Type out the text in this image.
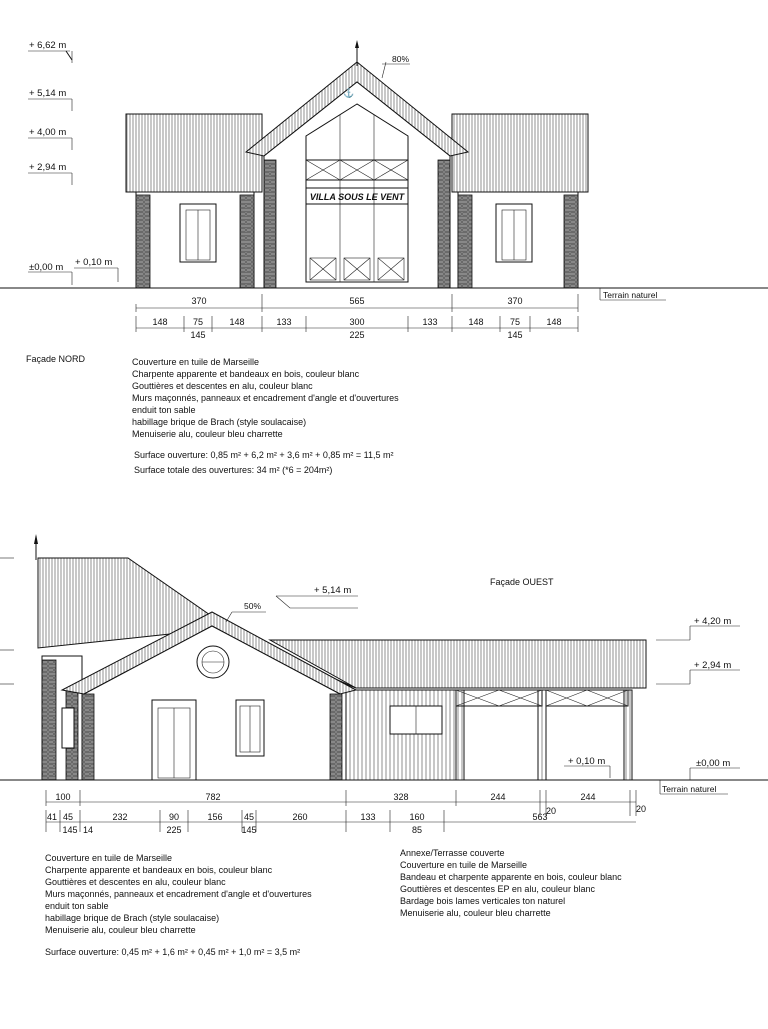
+ 6,62 m
+ 5,14 m
+ 4,00 m
+ 2,94 m
±0,00 m + 0,10 m
⚓
80%
VILLA SOUS LE VENT
Terrain naturel
370	565	370
148	75	148	133	300	133	148	75	148
145	225	145
Façade NORD	Couverture en tuile de Marseille
Charpente apparente et bandeaux en bois, couleur blanc
Gouttières et descentes en alu, couleur blanc
Murs maçonnés, panneaux et encadrement d'angle et d'ouvertures
enduit ton sable
habillage brique de Brach (style soulacaise)
Menuiserie alu, couleur bleu charrette
Surface ouverture: 0,85 m² + 6,2 m² + 3,6 m² + 0,85 m² = 11,5 m²
Surface totale des ouvertures: 34 m² (*6 = 204m²)
Façade OUEST
50%
+ 5,14 m
+ 4,20 m
+ 2,94 m
+ 0,10 m	±0,00 m
Terrain naturel
100	782	328	244	244
20	20
41 45	232	90	156 45	260	133	160	563
145 14	225	145	85
Couverture en tuile de Marseille
Charpente apparente et bandeaux en bois, couleur blanc
Gouttières et descentes en alu, couleur blanc
Murs maçonnés, panneaux et encadrement d'angle et d'ouvertures
enduit ton sable
habillage brique de Brach (style soulacaise)
Menuiserie alu, couleur bleu charrette
Surface ouverture: 0,45 m² + 1,6 m² + 0,45 m² + 1,0 m² = 3,5 m²
Annexe/Terrasse couverte
Couverture en tuile de Marseille
Bandeau et charpente apparente en bois, couleur blanc
Gouttières et descentes EP en alu, couleur blanc
Bardage bois lames verticales ton naturel
Menuiserie alu, couleur bleu charrette
